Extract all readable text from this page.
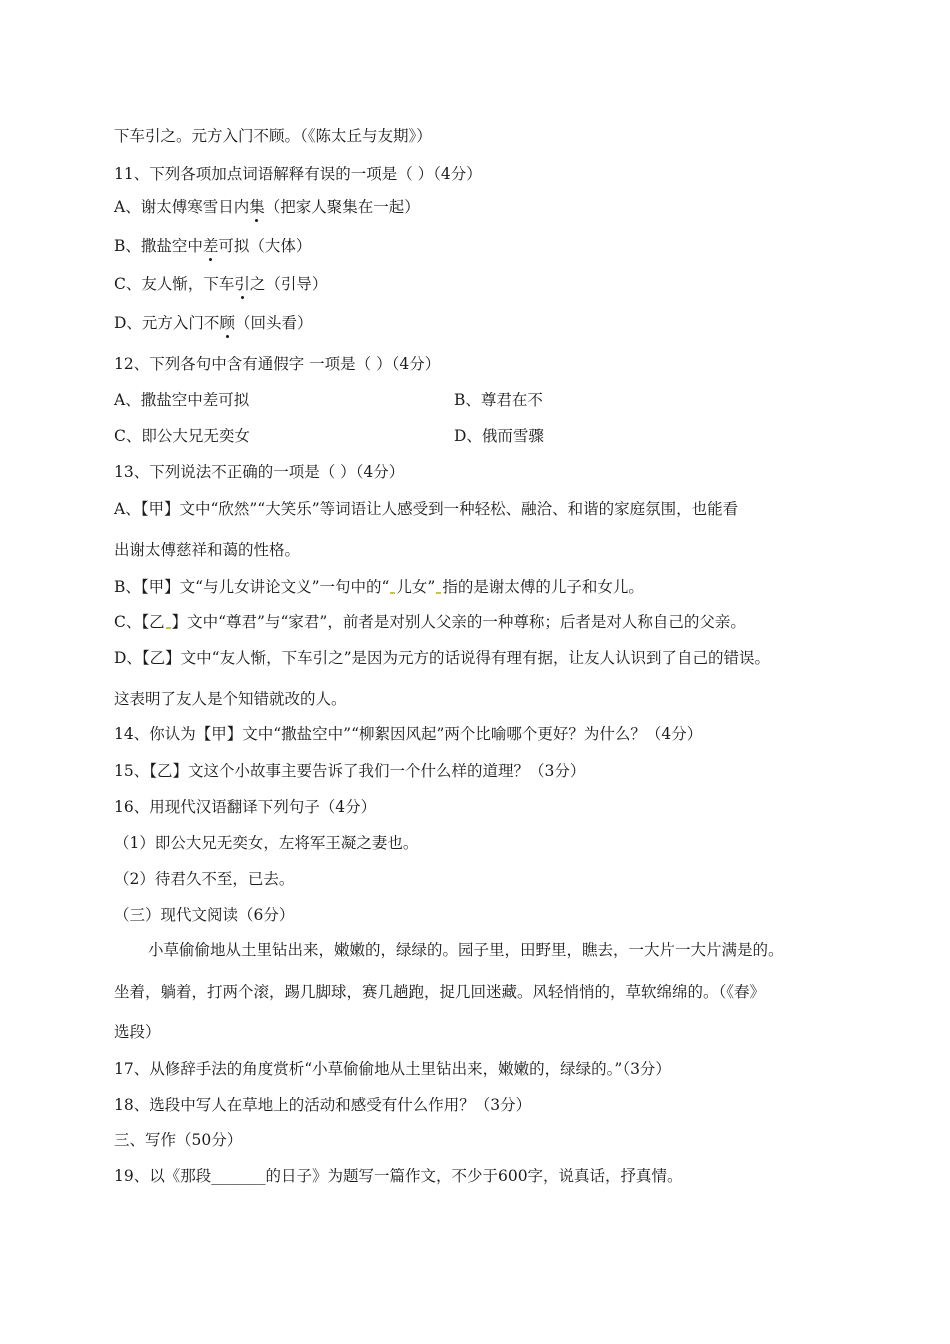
下车引之。元方入门不顾。（《陈太丘与友期》）
11、下列各项加点词语解释有误的一项是（ ）（4分）
A、谢太傅寒雪日内集（把家人聚集在一起）
B、撒盐空中差可拟（大体）
C、友人惭，下车引之（引导）
D、元方入门不顾（回头看）
12、下列各句中含有通假字 一项是（ ）（4分）
A、撒盐空中差可拟	B、尊君在不
C、即公大兄无奕女	D、俄而雪骤
13、下列说法不正确的一项是（ ）（4分）
A、【甲】文中“欣然”“大笑乐”等词语让人感受到一种轻松、融洽、和谐的家庭氛围，也能看
出谢太傅慈祥和蔼的性格。
B、【甲】文“与儿女讲论文义”一句中的“ 儿女” 指的是谢太傅的儿子和女儿。
C、【乙 】文中“尊君”与“家君”，前者是对别人父亲的一种尊称；后者是对人称自己的父亲。
D、【乙】文中“友人惭，下车引之”是因为元方的话说得有理有据，让友人认识到了自己的错误。
这表明了友人是个知错就改的人。
14、你认为【甲】文中“撒盐空中”“柳絮因风起”两个比喻哪个更好？为什么？（4分）
15、【乙】文这个小故事主要告诉了我们一个什么样的道理？（3分）
16、用现代汉语翻译下列句子（4分）
（1）即公大兄无奕女，左将军王凝之妻也。
（2）待君久不至，已去。
（三）现代文阅读（6分）
小草偷偷地从土里钻出来，嫩嫩的，绿绿的。园子里，田野里，瞧去，一大片一大片满是的。
坐着，躺着，打两个滚，踢几脚球，赛几趟跑，捉几回迷藏。风轻悄悄的，草软绵绵的。（《春》
选段）
17、从修辞手法的角度赏析“小草偷偷地从土里钻出来，嫩嫩的，绿绿的。”（3分）
18、选段中写人在草地上的活动和感受有什么作用？（3分）
三、写作（50分）
19、以《那段_______的日子》为题写一篇作文，不少于600字，说真话，抒真情。
